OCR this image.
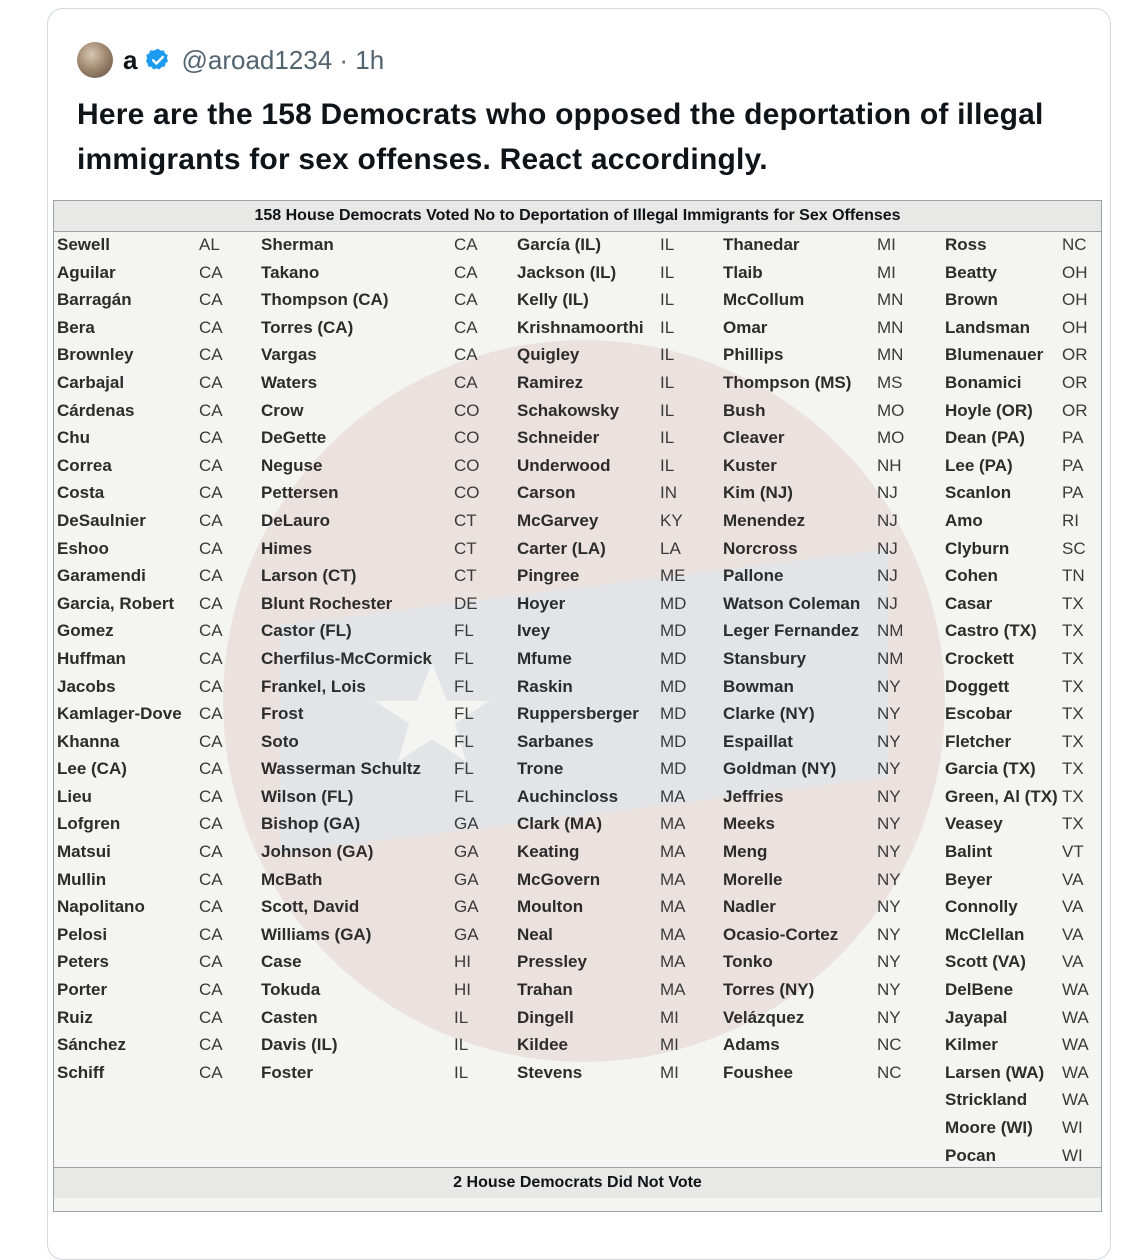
a @aroad1234 · 1h
Here are the 158 Democrats who opposed the deportation of illegal immigrants for sex offenses. React accordingly.
158 House Democrats Voted No to Deportation of Illegal Immigrants for Sex Offenses
Sewell	AL
Aguilar	CA
Barragán	CA
Bera	CA
Brownley	CA
Carbajal	CA
Cárdenas	CA
Chu	CA
Correa	CA
Costa	CA
DeSaulnier	CA
Eshoo	CA
Garamendi	CA
Garcia, Robert CA
Gomez	CA
Huffman	CA
Jacobs	CA
Kamlager-Dove CA
Khanna	CA
Lee (CA)	CA
Lieu	CA
Lofgren	CA
Matsui	CA
Mullin	CA
Napolitano	CA
Pelosi	CA
Peters	CA
Porter	CA
Ruiz	CA
Sánchez	CA
Schiff	CA
Sherman	CA
Takano	CA
Thompson (CA)	CA
Torres (CA)	CA
Vargas	CA
Waters	CA
Crow	CO
DeGette	CO
Neguse	CO
Pettersen	CO
DeLauro	CT
Himes	CT
Larson (CT)	CT
Blunt Rochester	DE
Castor (FL)	FL
Cherfilus-McCormick FL
Frankel, Lois	FL
Frost	FL
Soto	FL
Wasserman Schultz FL
Wilson (FL)	FL
Bishop (GA)	GA
Johnson (GA)	GA
McBath	GA
Scott, David	GA
Williams (GA)	GA
Case	HI
Tokuda	HI
Casten	IL
Davis (IL)	IL
Foster	IL
García (IL)	IL
Jackson (IL)	IL
Kelly (IL)	IL
Krishnamoorthi IL
Quigley	IL
Ramirez	IL
Schakowsky IL
Schneider	IL
Underwood	IL
Carson	IN
McGarvey	KY
Carter (LA)	LA
Pingree	ME
Hoyer	MD
Ivey	MD
Mfume	MD
Raskin	MD
Ruppersberger MD
Sarbanes	MD
Trone	MD
Auchincloss MA
Clark (MA)	MA
Keating	MA
McGovern	MA
Moulton	MA
Neal	MA
Pressley	MA
Trahan	MA
Dingell	MI
Kildee	MI
Stevens	MI
Thanedar	MI
Tlaib	MI
McCollum	MN
Omar	MN
Phillips	MN
Thompson (MS) MS
Bush	MO
Cleaver	MO
Kuster	NH
Kim (NJ)	NJ
Menendez	NJ
Norcross	NJ
Pallone	NJ
Watson Coleman NJ
Leger Fernandez NM
Stansbury	NM
Bowman	NY
Clarke (NY)	NY
Espaillat	NY
Goldman (NY) NY
Jeffries	NY
Meeks	NY
Meng	NY
Morelle	NY
Nadler	NY
Ocasio-Cortez NY
Tonko	NY
Torres (NY)	NY
Velázquez	NY
Adams	NC
Foushee	NC
Ross	NC
Beatty	OH
Brown	OH
Landsman OH
Blumenauer OR
Bonamici OR
Hoyle (OR) OR
Dean (PA) PA
Lee (PA)	PA
Scanlon	PA
Amo	RI
Clyburn	SC
Cohen	TN
Casar	TX
Castro (TX) TX
Crockett	TX
Doggett	TX
Escobar	TX
Fletcher	TX
Garcia (TX) TX
Green, Al (TX) TX
Veasey	TX
Balint	VT
Beyer	VA
Connolly	VA
McClellan VA
Scott (VA) VA
DelBene	WA
Jayapal	WA
Kilmer	WA
Larsen (WA) WA
Strickland WA
Moore (WI) WI
Pocan	WI
2 House Democrats Did Not Vote
